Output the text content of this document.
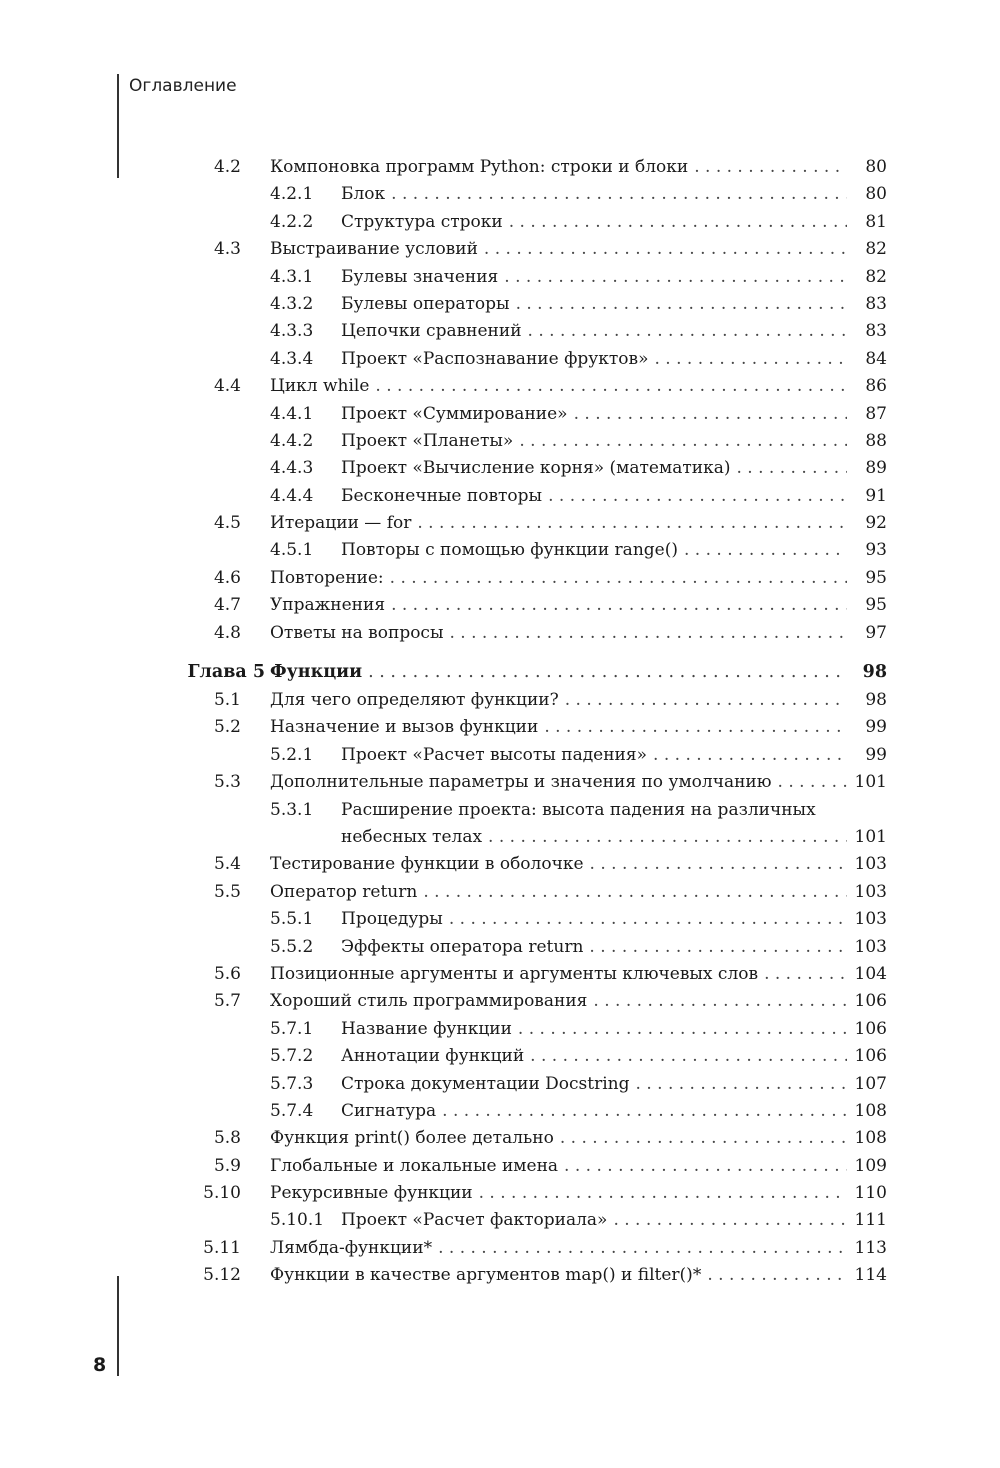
Оглавление
4.2 Компоновка программ Python: строки и блоки . . .	80
4.2.1 Блок . . .	80
4.2.2 Структура строки . . .	81
4.3 Выстраивание условий . . .	82
4.3.1 Булевы значения . . .	82
4.3.2 Булевы операторы . . .	83
4.3.3 Цепочки сравнений . . .	83
4.3.4 Проект «Распознавание фруктов» . . .	84
4.4 Цикл while . . .	86
4.4.1 Проект «Суммирование» . . .	87
4.4.2 Проект «Планеты» . . .	88
4.4.3 Проект «Вычисление корня» (математика) . . .	89
4.4.4 Бесконечные повторы . . .	91
4.5 Итерации — for . . .	92
4.5.1 Повторы с помощью функции range() . . .	93
4.6 Повторение: . . .	95
4.7 Упражнения . . .	95
4.8 Ответы на вопросы . . .	97
Глава 5 Функции . . .	98
5.1 Для чего определяют функции? . . .	98
5.2 Назначение и вызов функции . . .	99
5.2.1 Проект «Расчет высоты падения» . . .	99
5.3 Дополнительные параметры и значения по умолчанию . . .	101
5.3.1 Расширение проекта: высота падения на различных
небесных телах . . .	101
5.4 Тестирование функции в оболочке . . .	103
5.5 Оператор return . . .	103
5.5.1 Процедуры . . .	103
5.5.2 Эффекты оператора return . . .	103
5.6 Позиционные аргументы и аргументы ключевых слов . . .	104
5.7 Хороший стиль программирования . . .	106
5.7.1 Название функции . . .	106
5.7.2 Аннотации функций . . .	106
5.7.3 Строка документации Docstring . . .	107
5.7.4 Сигнатура . . .	108
5.8 Функция print() более детально . . .	108
5.9 Глобальные и локальные имена . . .	109
5.10 Рекурсивные функции . . .	110
5.10.1 Проект «Расчет факториала» . . .	111
5.11 Лямбда-функции* . . .	113
5.12 Функции в качестве аргументов map() и filter()* . . .	114
8
